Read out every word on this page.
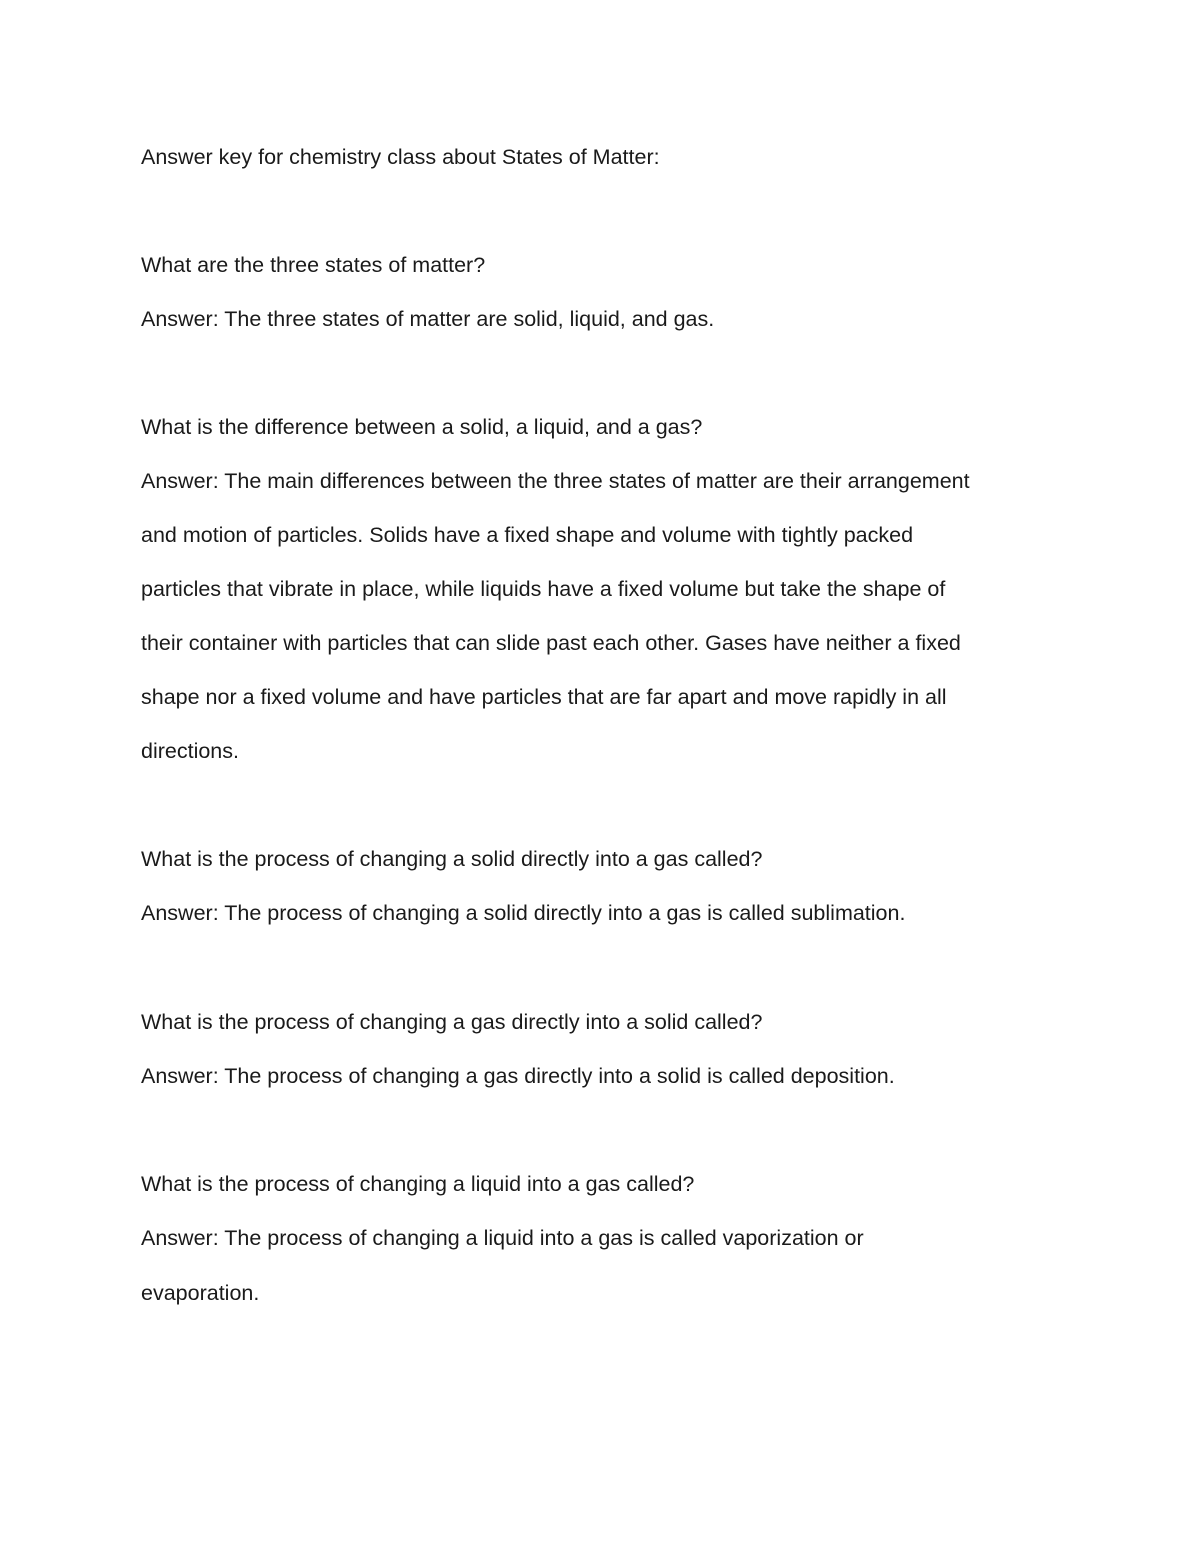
Answer key for chemistry class about States of Matter:
What are the three states of matter?
Answer: The three states of matter are solid, liquid, and gas.
What is the difference between a solid, a liquid, and a gas?
Answer: The main differences between the three states of matter are their arrangement
and motion of particles. Solids have a fixed shape and volume with tightly packed
particles that vibrate in place, while liquids have a fixed volume but take the shape of
their container with particles that can slide past each other. Gases have neither a fixed
shape nor a fixed volume and have particles that are far apart and move rapidly in all
directions.
What is the process of changing a solid directly into a gas called?
Answer: The process of changing a solid directly into a gas is called sublimation.
What is the process of changing a gas directly into a solid called?
Answer: The process of changing a gas directly into a solid is called deposition.
What is the process of changing a liquid into a gas called?
Answer: The process of changing a liquid into a gas is called vaporization or
evaporation.
